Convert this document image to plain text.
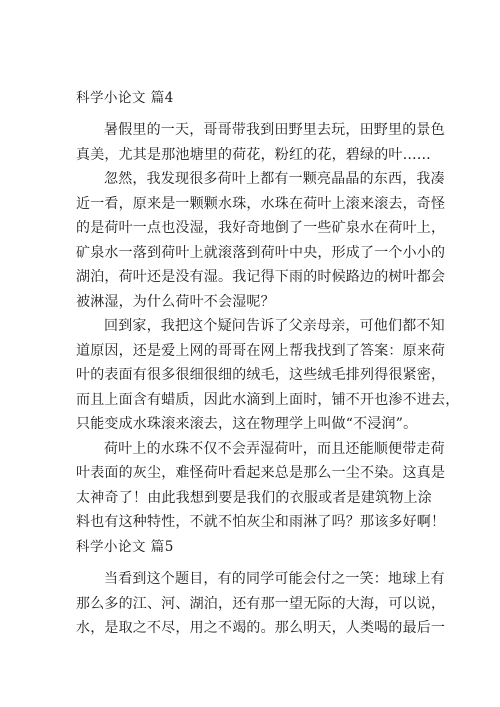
科学小论文 篇4

暑假里的一天，哥哥带我到田野里去玩，田野里的景色

真美，尤其是那池塘里的荷花，粉红的花，碧绿的叶……

忽然，我发现很多荷叶上都有一颗亮晶晶的东西，我凑

近一看，原来是一颗颗水珠，水珠在荷叶上滚来滚去，奇怪

的是荷叶一点也没湿，我好奇地倒了一些矿泉水在荷叶上，

矿泉水一落到荷叶上就滚落到荷叶中央，形成了一个小小的

湖泊，荷叶还是没有湿。我记得下雨的时候路边的树叶都会

被淋湿，为什么荷叶不会湿呢？

回到家，我把这个疑问告诉了父亲母亲，可他们都不知

道原因，还是爱上网的哥哥在网上帮我找到了答案：原来荷

叶的表面有很多很细很细的绒毛，这些绒毛排列得很紧密，

而且上面含有蜡质，因此水滴到上面时，铺不开也渗不进去，

只能变成水珠滚来滚去，这在物理学上叫做“不浸润”。

荷叶上的水珠不仅不会弄湿荷叶，而且还能顺便带走荷

叶表面的灰尘，难怪荷叶看起来总是那么一尘不染。这真是

太神奇了！由此我想到要是我们的衣服或者是建筑物上涂

料也有这种特性，不就不怕灰尘和雨淋了吗？那该多好啊！

科学小论文 篇5

当看到这个题目，有的同学可能会付之一笑：地球上有

那么多的江、河、湖泊，还有那一望无际的大海，可以说，

水，是取之不尽，用之不竭的。那么明天，人类喝的最后一
